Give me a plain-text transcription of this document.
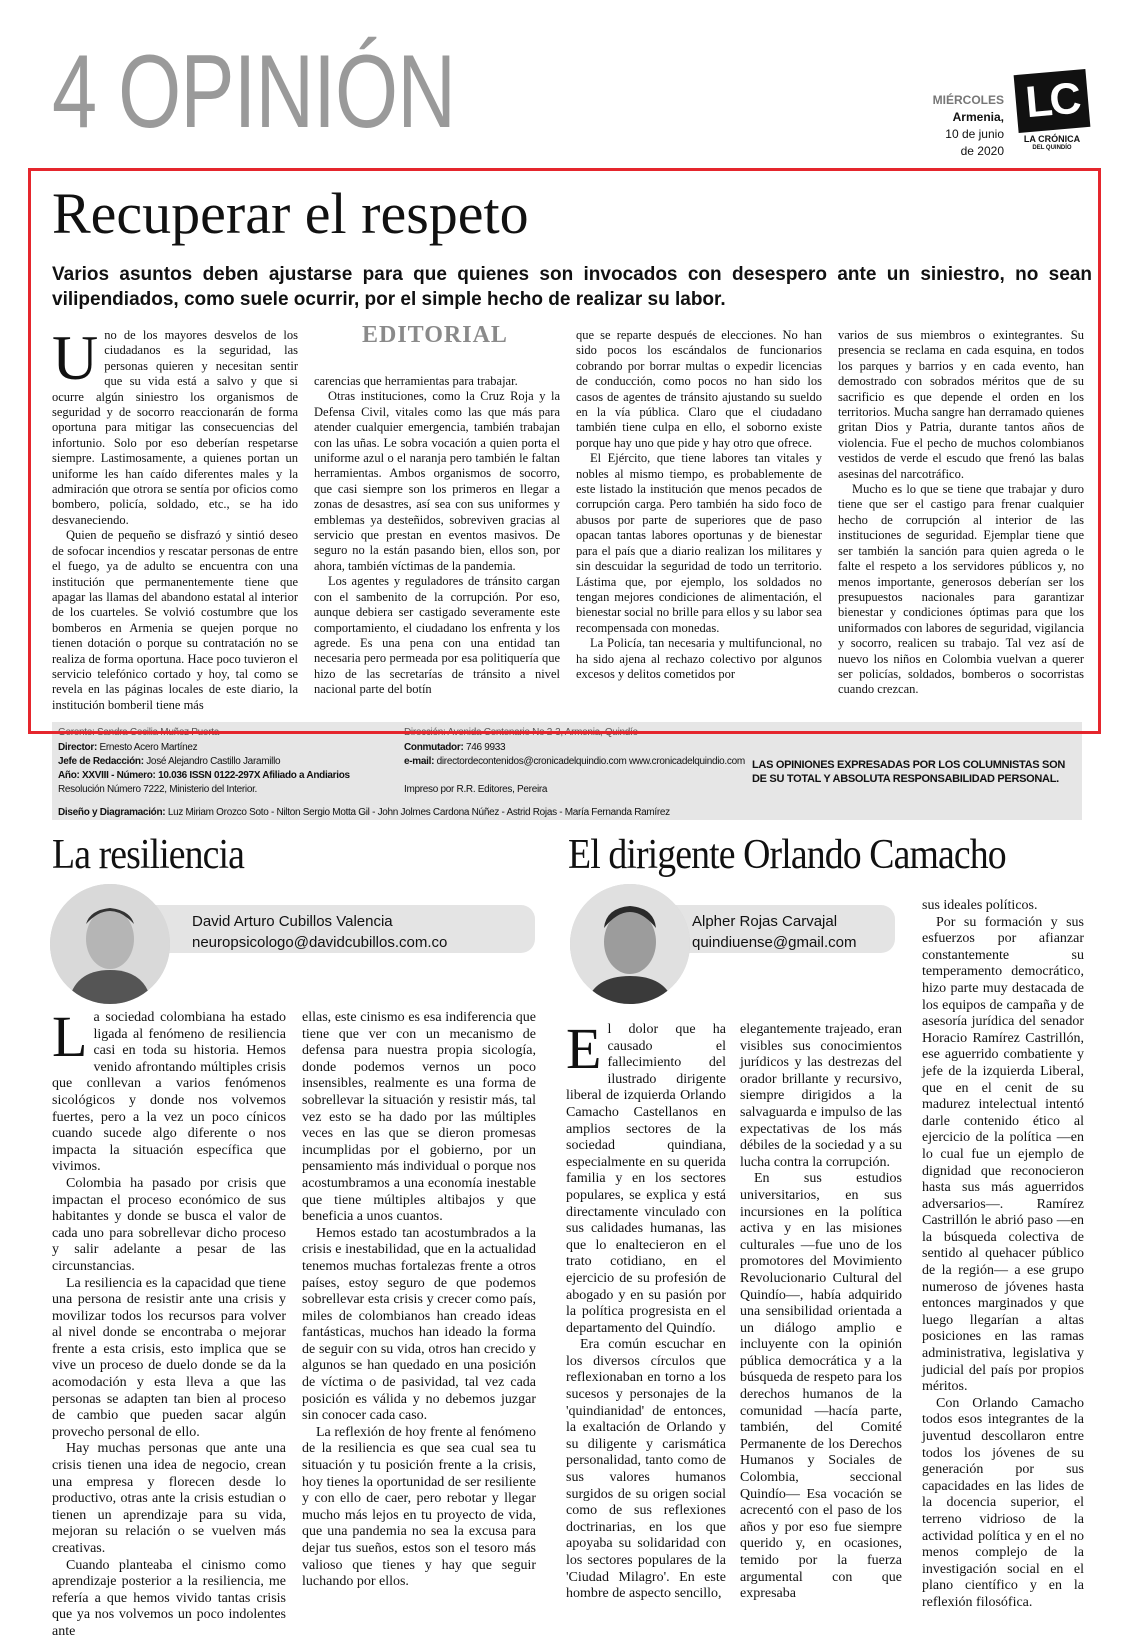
4 OPINIÓN	MIÉRCOLES
Armenia,
10 de junio
de 2020
LC
LA CRÓNICA
DEL QUINDÍO
Recuperar el respeto
Varios asuntos deben ajustarse para que quienes son invocados con desespero ante un siniestro, no sean vilipendiados, como suele ocurrir, por el simple hecho de realizar su labor.
EDITORIAL

Uno de los mayores desvelos de los ciudadanos es la seguridad, las personas quieren y necesitan sentir que su vida está a salvo y que si ocurre algún siniestro los organismos de seguridad y de socorro reaccionarán de forma oportuna para mitigar las consecuencias del infortunio. Solo por eso deberían respetarse siempre. Lastimosamente, a quienes portan un uniforme les han caído diferentes males y la admiración que otrora se sentía por oficios como bombero, policía, soldado, etc., se ha ido desvaneciendo.

Quien de pequeño se disfrazó y sintió deseo de sofocar incendios y rescatar personas de entre el fuego, ya de adulto se encuentra con una institución que permanentemente tiene que apagar las llamas del abandono estatal al interior de los cuarteles. Se volvió costumbre que los bomberos en Armenia se quejen porque no tienen dotación o porque su contratación no se realiza de forma oportuna. Hace poco tuvieron el servicio telefónico cortado y hoy, tal como se revela en las páginas locales de este diario, la institución bomberil tiene más

carencias que herramientas para trabajar.

Otras instituciones, como la Cruz Roja y la Defensa Civil, vitales como las que más para atender cualquier emergencia, también trabajan con las uñas. Le sobra vocación a quien porta el uniforme azul o el naranja pero también le faltan herramientas. Ambos organismos de socorro, que casi siempre son los primeros en llegar a zonas de desastres, así sea con sus uniformes y emblemas ya desteñidos, sobreviven gracias al servicio que prestan en eventos masivos. De seguro no la están pasando bien, ellos son, por ahora, también víctimas de la pandemia.

Los agentes y reguladores de tránsito cargan con el sambenito de la corrupción. Por eso, aunque debiera ser castigado severamente este comportamiento, el ciudadano los enfrenta y los agrede. Es una pena con una entidad tan necesaria pero permeada por esa politiquería que hizo de las secretarías de tránsito a nivel nacional parte del botín

que se reparte después de elecciones. No han sido pocos los escándalos de funcionarios cobrando por borrar multas o expedir licencias de conducción, como pocos no han sido los casos de agentes de tránsito ajustando su sueldo en la vía pública. Claro que el ciudadano también tiene culpa en ello, el soborno existe porque hay uno que pide y hay otro que ofrece.

El Ejército, que tiene labores tan vitales y nobles al mismo tiempo, es probablemente de este listado la institución que menos pecados de corrupción carga. Pero también ha sido foco de abusos por parte de superiores que de paso opacan tantas labores oportunas y de bienestar para el país que a diario realizan los militares y sin descuidar la seguridad de todo un territorio. Lástima que, por ejemplo, los soldados no tengan mejores condiciones de alimentación, el bienestar social no brille para ellos y su labor sea recompensada con monedas.

La Policía, tan necesaria y multifuncional, no ha sido ajena al rechazo colectivo por algunos excesos y delitos cometidos por

varios de sus miembros o exintegrantes. Su presencia se reclama en cada esquina, en todos los parques y barrios y en cada evento, han demostrado con sobrados méritos que de su sacrificio es que depende el orden en los territorios. Mucha sangre han derramado quienes gritan Dios y Patria, durante tantos años de violencia. Fue el pecho de muchos colombianos vestidos de verde el escudo que frenó las balas asesinas del narcotráfico.

Mucho es lo que se tiene que trabajar y duro tiene que ser el castigo para frenar cualquier hecho de corrupción al interior de las instituciones de seguridad. Ejemplar tiene que ser también la sanción para quien agreda o le falte el respeto a los servidores públicos y, no menos importante, generosos deberían ser los presupuestos nacionales para garantizar bienestar y condiciones óptimas para que los uniformados con labores de seguridad, vigilancia y socorro, realicen su trabajo. Tal vez así de nuevo los niños en Colombia vuelvan a querer ser policías, soldados, bomberos o socorristas cuando crezcan.

Gerente: Sandra Cecilia Muñoz Puerta
Director: Ernesto Acero Martínez
Jefe de Redacción: José Alejandro Castillo Jaramillo
Año: XXVIII - Número: 10.036 ISSN 0122-297X Afiliado a Andiarios
Resolución Número 7222, Ministerio del Interior.
Diseño y Diagramación: Luz Miriam Orozco Soto - Nilton Sergio Motta Gil - John Jolmes Cardona Núñez - Astrid Rojas - María Fernanda Ramírez
Dirección: Avenida Centenario No 2-3, Armenia, Quindío
Conmutador: 746 9933
e-mail: directordecontenidos@cronicadelquindio.com www.cronicadelquindio.com
Impreso por R.R. Editores, Pereira
LAS OPINIONES EXPRESADAS POR LOS COLUMNISTAS SON DE SU TOTAL Y ABSOLUTA RESPONSABILIDAD PERSONAL.
La resiliencia
David Arturo Cubillos Valencia
neuropsicologo@davidcubillos.com.co

La sociedad colombiana ha estado ligada al fenómeno de resiliencia casi en toda su historia. Hemos venido afrontando múltiples crisis que conllevan a varios fenómenos sicológicos y donde nos volvemos fuertes, pero a la vez un poco cínicos cuando sucede algo diferente o nos impacta la situación específica que vivimos.

Colombia ha pasado por crisis que impactan el proceso económico de sus habitantes y donde se busca el valor de cada uno para sobrellevar dicho proceso y salir adelante a pesar de las circunstancias.

La resiliencia es la capacidad que tiene una persona de resistir ante una crisis y movilizar todos los recursos para volver al nivel donde se encontraba o mejorar frente a esta crisis, esto implica que se vive un proceso de duelo donde se da la acomodación y esta lleva a que las personas se adapten tan bien al proceso de cambio que pueden sacar algún provecho personal de ello.

Hay muchas personas que ante una crisis tienen una idea de negocio, crean una empresa y florecen desde lo productivo, otras ante la crisis estudian o tienen un aprendizaje para su vida, mejoran su relación o se vuelven más creativas.

Cuando planteaba el cinismo como aprendizaje posterior a la resiliencia, me refería a que hemos vivido tantas crisis que ya nos volvemos un poco indolentes ante

ellas, este cinismo es esa indiferencia que tiene que ver con un mecanismo de defensa para nuestra propia sicología, donde podemos vernos un poco insensibles, realmente es una forma de sobrellevar la situación y resistir más, tal vez esto se ha dado por las múltiples veces en las que se dieron promesas incumplidas por el gobierno, por un pensamiento más individual o porque nos acostumbramos a una economía inestable que tiene múltiples altibajos y que beneficia a unos cuantos.

Hemos estado tan acostumbrados a la crisis e inestabilidad, que en la actualidad tenemos muchas fortalezas frente a otros países, estoy seguro de que podemos sobrellevar esta crisis y crecer como país, miles de colombianos han creado ideas fantásticas, muchos han ideado la forma de seguir con su vida, otros han crecido y algunos se han quedado en una posición de víctima o de pasividad, tal vez cada posición es válida y no debemos juzgar sin conocer cada caso.

La reflexión de hoy frente al fenómeno de la resiliencia es que sea cual sea tu situación y tu posición frente a la crisis, hoy tienes la oportunidad de ser resiliente y con ello de caer, pero rebotar y llegar mucho más lejos en tu proyecto de vida, que una pandemia no sea la excusa para dejar tus sueños, estos son el tesoro más valioso que tienes y hay que seguir luchando por ellos.

El dirigente Orlando Camacho
Alpher Rojas Carvajal
quindiuense@gmail.com

El dolor que ha causado el fallecimiento del ilustrado dirigente liberal de izquierda Orlando Camacho Castellanos en amplios sectores de la sociedad quindiana, especialmente en su querida familia y en los sectores populares, se explica y está directamente vinculado con sus calidades humanas, las que lo enaltecieron en el trato cotidiano, en el ejercicio de su profesión de abogado y en su pasión por la política progresista en el departamento del Quindío.

Era común escuchar en los diversos círculos que reflexionaban en torno a los sucesos y personajes de la 'quindianidad' de entonces, la exaltación de Orlando y su diligente y carismática personalidad, tanto como de sus valores humanos surgidos de su origen social como de sus reflexiones doctrinarias, en los que apoyaba su solidaridad con los sectores populares de la 'Ciudad Milagro'. En este hombre de aspecto sencillo,

elegantemente trajeado, eran visibles sus conocimientos jurídicos y las destrezas del orador brillante y recursivo, siempre dirigidos a la salvaguarda e impulso de las expectativas de los más débiles de la sociedad y a su lucha contra la corrupción.

En sus estudios universitarios, en sus incursiones en la política activa y en las misiones culturales —fue uno de los promotores del Movimiento Revolucionario Cultural del Quindío—, había adquirido una sensibilidad orientada a un diálogo amplio e incluyente con la opinión pública democrática y a la búsqueda de respeto para los derechos humanos de la comunidad —hacía parte, también, del Comité Permanente de los Derechos Humanos y Sociales de Colombia, seccional Quindío— Esa vocación se acrecentó con el paso de los años y por eso fue siempre querido y, en ocasiones, temido por la fuerza argumental con que expresaba

sus ideales políticos.

Por su formación y sus esfuerzos por afianzar constantemente su temperamento democrático, hizo parte muy destacada de los equipos de campaña y de asesoría jurídica del senador Horacio Ramírez Castrillón, ese aguerrido combatiente y jefe de la izquierda Liberal, que en el cenit de su madurez intelectual intentó darle contenido ético al ejercicio de la política —en lo cual fue un ejemplo de dignidad que reconocieron hasta sus más aguerridos adversarios—. Ramírez Castrillón le abrió paso —en la búsqueda colectiva de sentido al quehacer público de la región— a ese grupo numeroso de jóvenes hasta entonces marginados y que luego llegarían a altas posiciones en las ramas administrativa, legislativa y judicial del país por propios méritos.

Con Orlando Camacho todos esos integrantes de la juventud descollaron entre todos los jóvenes de su generación por sus capacidades en las lides de la docencia superior, el terreno vidrioso de la actividad política y en el no menos complejo de la investigación social en el plano científico y en la reflexión filosófica.
